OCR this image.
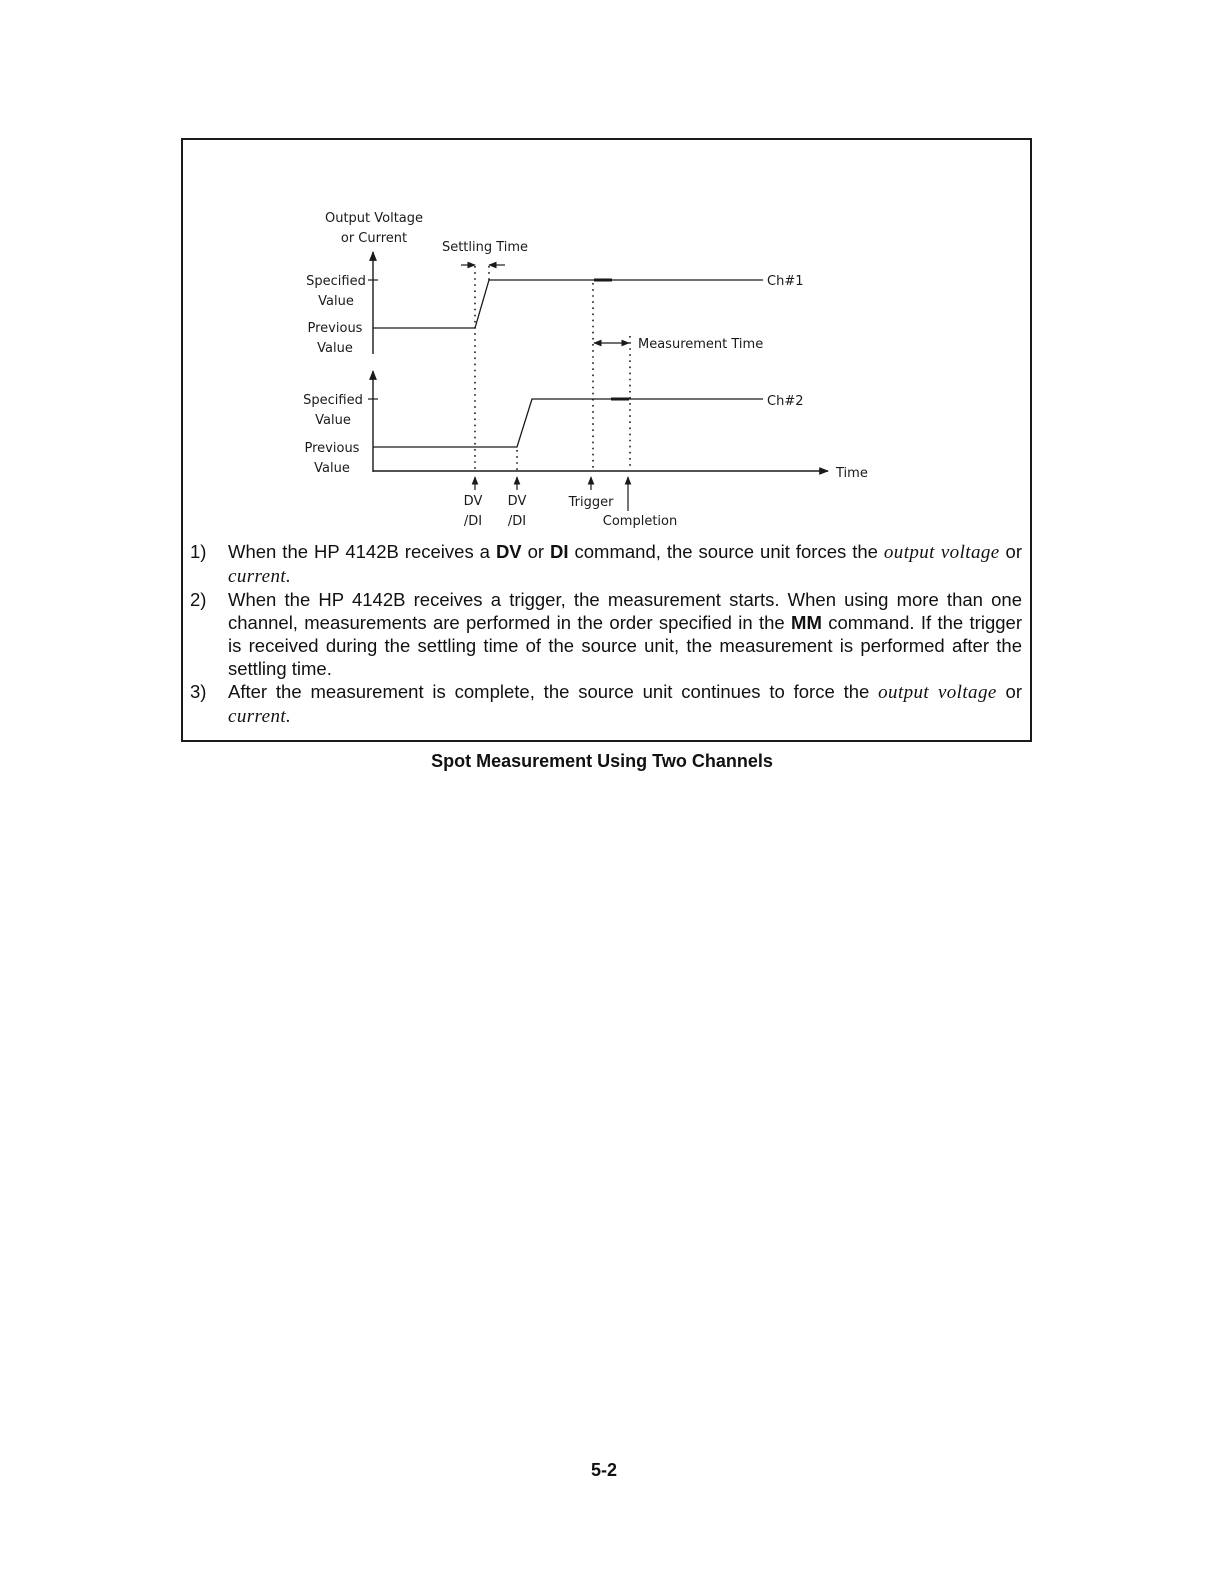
Output Voltage
or Current
Settling Time
Specified
Value
Previous
Value
Ch#1
Measurement Time
Specified
Value
Previous
Value
Ch#2
Time
DV
/DI
DV
/DI
Trigger
Completion
1) When the HP 4142B receives a DV or DI command, the source unit forces the output voltage or current.
2) When the HP 4142B receives a trigger, the measurement starts. When using more than one channel, measurements are performed in the order specified in the MM command. If the trigger is received during the settling time of the source unit, the measurement is performed after the settling time.
3) After the measurement is complete, the source unit continues to force the output voltage or current.
Spot Measurement Using Two Channels
5-2
